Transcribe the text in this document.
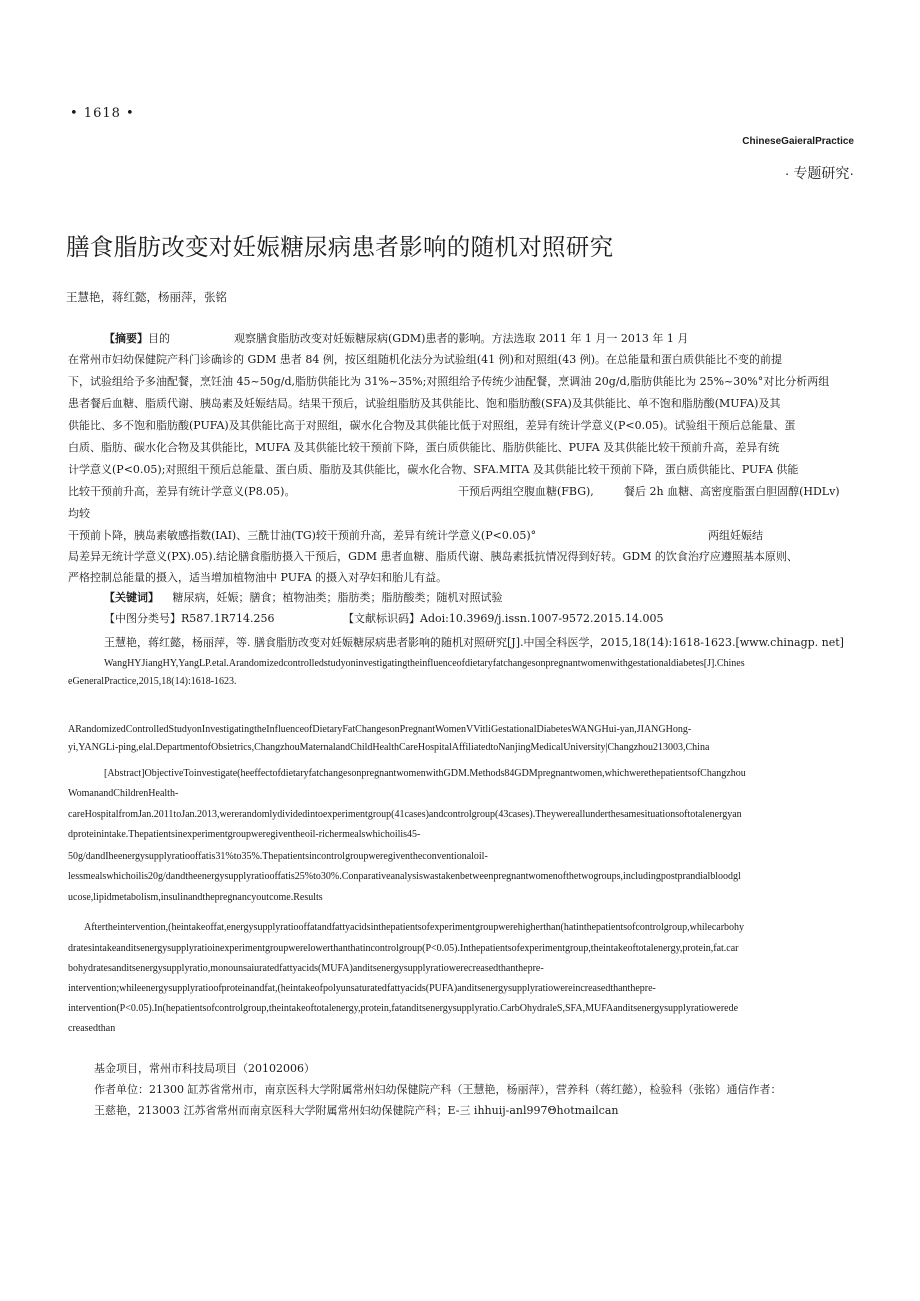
• 1618 •
ChineseGaieralPractice
· 专题研究·
膳食脂肪改变对妊娠糖尿病患者影响的随机对照研究
王慧艳，蒋红懿，杨丽萍，张铭
【摘要】目的	观察膳食脂肪改变对妊娠糖尿病(GDM)患者的影响。方法选取 2011 年 1 月一 2013 年 1 月
在常州市妇幼保健院产科门诊确诊的 GDM 患者 84 例，按区组随机化法分为试验组(41 例)和对照组(43 例)。在总能量和蛋白质供能比不变的前提
下，试验组给予多油配餐，烹饪油 45~50g/d,脂肪供能比为 31%~35%;对照组给予传统少油配餐，烹调油 20g/d,脂肪供能比为 25%~30%°对比分析两组
患者餐后血糖、脂质代谢、胰岛素及妊娠结局。结果干预后，试验组脂肪及其供能比、饱和脂肪酸(SFA)及其供能比、单不饱和脂肪酸(MUFA)及其
供能比、多不饱和脂肪酸(PUFA)及其供能比高于对照组，碳水化合物及其供能比低于对照组，差异有统计学意义(P<0.05)。试验组干预后总能量、蛋
白质、脂肪、碳水化合物及其供能比，MUFA 及其供能比较干预前下降，蛋白质供能比、脂肪供能比、PUFA 及其供能比较干预前升高，差异有统
计学意义(P<0.05);对照组干预后总能量、蛋白质、脂肪及其供能比，碳水化合物、SFA.MITA 及其供能比较干预前下降，蛋白质供能比、PUFA 供能
比较干预前升高，差异有统计学意义(P8.05)。	干预后两组空腹血糖(FBG),	餐后 2h 血糖、高密度脂蛋白胆固醇(HDLv)
均较
干预前卜降，胰岛素敏感指数(IAI)、三酰廿油(TG)较干预前升高，差异有统计学意义(P<0.05)°	两组妊娠结
局差异无统计学意义(PX).05).结论膳食脂肪摄入干预后，GDM 患者血糖、脂质代谢、胰岛素抵抗情况得到好转。GDM 的饮食治疗应遵照基本原则、
严格控制总能量的摄入，适当增加植物油中 PUFA 的摄入对孕妇和胎儿有益。
【关键词】 糖尿病，妊娠；膳食；植物油类；脂肪类；脂肪酸类；随机对照试验
【中图分类号】R587.1R714.256	【文献标识码】Adoi:10.3969/j.issn.1007-9572.2015.14.005
王慧艳，蒋红懿，杨丽萍，等. 膳食脂肪改变对妊娠糖尿病患者影响的随机对照研究[J].中国全科医学，2015,18(14):1618-1623.[www.chinagp. net]
WangHYJiangHY,YangLP.etal.Arandomizedcontrolledstudyoninvestigatingtheinfluenceofdietaryfatchangesonpregnantwomenwithgestationaldiabetes[J].Chines
eGeneralPractice,2015,18(14):1618-1623.
ARandomizedControlledStudyonInvestigatingtheInfluenceofDietaryFatChangesonPregnantWomenVVitliGestationalDiabetesWANGHui-yan,JIANGHong-
yi,YANGLi-ping,elal.DepartmentofObsietrics,ChangzhouMaternalandChildHealthCareHospitalAffiliatedtoNanjingMedicalUniversity|Changzhou213003,China
[Abstract]ObjectiveToinvestigate(heeffectofdietaryfatchangesonpregnantwomenwithGDM.Methods84GDMpregnantwomen,whichwerethepatientsofChangzhou
WomanandChildrenHealth-
careHospitalfromJan.2011toJan.2013,wererandomlydividedintoexperimentgroup(41cases)andcontrolgroup(43cases).Theywereallunderthesamesituationsoftotalenergyan
dproteinintake.Thepatientsinexperimentgroupweregiventheoil-richermealswhichoilis45-
50g/dandIheenergysupplyratiooffatis31%to35%.Thepatientsincontrolgroupweregiventheconventionaloil-
lessmealswhichoilis20g/dandtheenergysupplyratiooffatis25%to30%.Conparativeanalysiswastakenbetweenpregnantwomenofthetwogroups,includingpostprandialbloodgl
ucose,lipidmetabolism,insulinandthepregnancyoutcome.Results
Aftertheintervention,(heintakeoffat,energysupplyratiooffatandfattyacidsinthepatientsofexperimentgroupwerehigherthan(hatinthepatientsofcontrolgroup,whilecarbohy
dratesintakeanditsenergysupplyratioinexperimentgroupwerelowerthanthatincontrolgroup(P<0.05).Inthepatientsofexperimentgroup,theintakeoftotalenergy,protein,fat.car
bohydratesanditsenergysupplyratio,monounsaiuratedfattyacids(MUFA)anditsenergysupplyratiowerecreasedthanthepre-
intervention;whileenergysupplyratioofproteinandfat,(heintakeofpolyunsaturatedfattyacids(PUFA)anditsenergysupplyratiowereincreasedthanthepre-
intervention(P<0.05).In(hepatientsofcontrolgroup,theintakeoftotalenergy,protein,fatanditsenergysupplyratio.CarbOhydraleS,SFA,MUFAanditsenergysupplyratiowerede
creasedthan
基金项目，常州市科技局项目（20102006）
作者单位：21300 缸苏省常州市，南京医科大学附属常州妇幼保健院产科（王慧艳，杨丽萍），营养科（蒋红懿），检验科（张铭）通信作者：
王慈艳，213003 江苏省常州而南京医科大学附属常州妇幼保健院产科；E-三 ihhuij-anl997Θhotmailcan
